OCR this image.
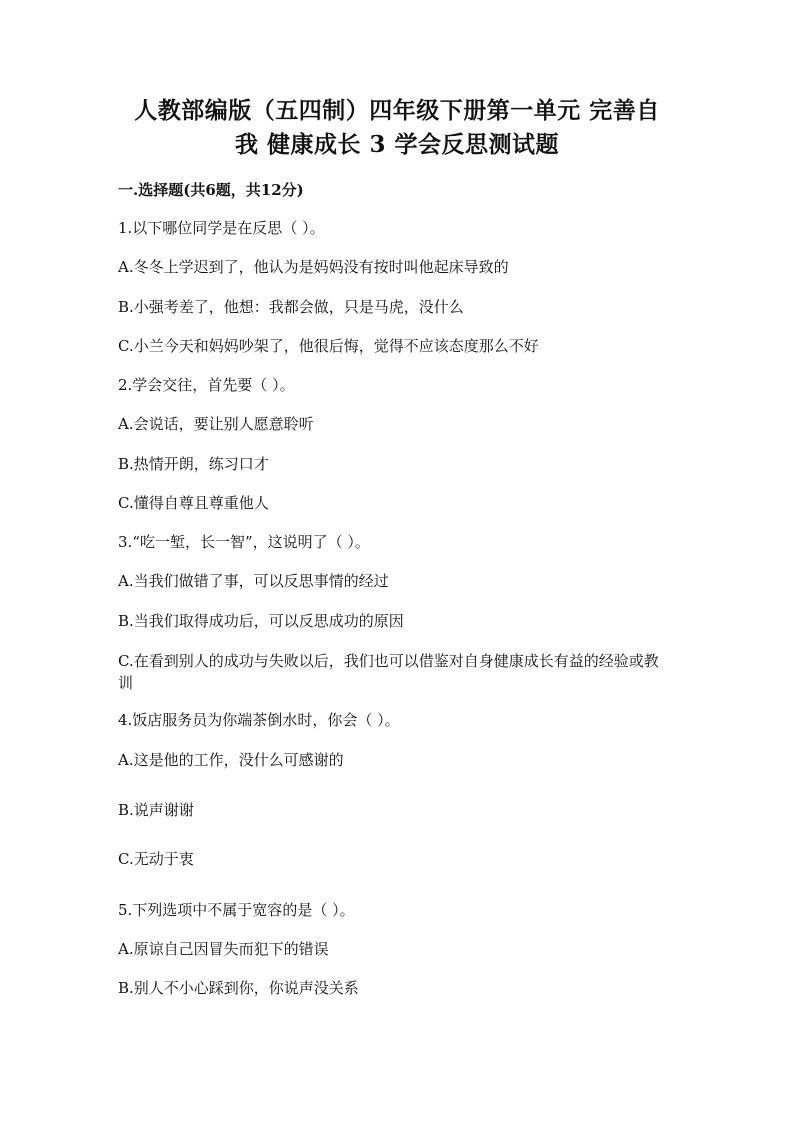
人教部编版（五四制）四年级下册第一单元 完善自
我 健康成长 3 学会反思测试题
一.选择题(共6题，共12分)
1.以下哪位同学是在反思（ ）。
A.冬冬上学迟到了，他认为是妈妈没有按时叫他起床导致的
B.小强考差了，他想：我都会做，只是马虎，没什么
C.小兰今天和妈妈吵架了，他很后悔，觉得不应该态度那么不好
2.学会交往，首先要（ ）。
A.会说话，要让别人愿意聆听
B.热情开朗，练习口才
C.懂得自尊且尊重他人
3.“吃一堑，长一智”，这说明了（ ）。
A.当我们做错了事，可以反思事情的经过
B.当我们取得成功后，可以反思成功的原因
C.在看到别人的成功与失败以后，我们也可以借鉴对自身健康成长有益的经验或教训
4.饭店服务员为你端茶倒水时，你会（ ）。
A.这是他的工作，没什么可感谢的
B.说声谢谢
C.无动于衷
5.下列选项中不属于宽容的是（ ）。
A.原谅自己因冒失而犯下的错误
B.别人不小心踩到你，你说声没关系
